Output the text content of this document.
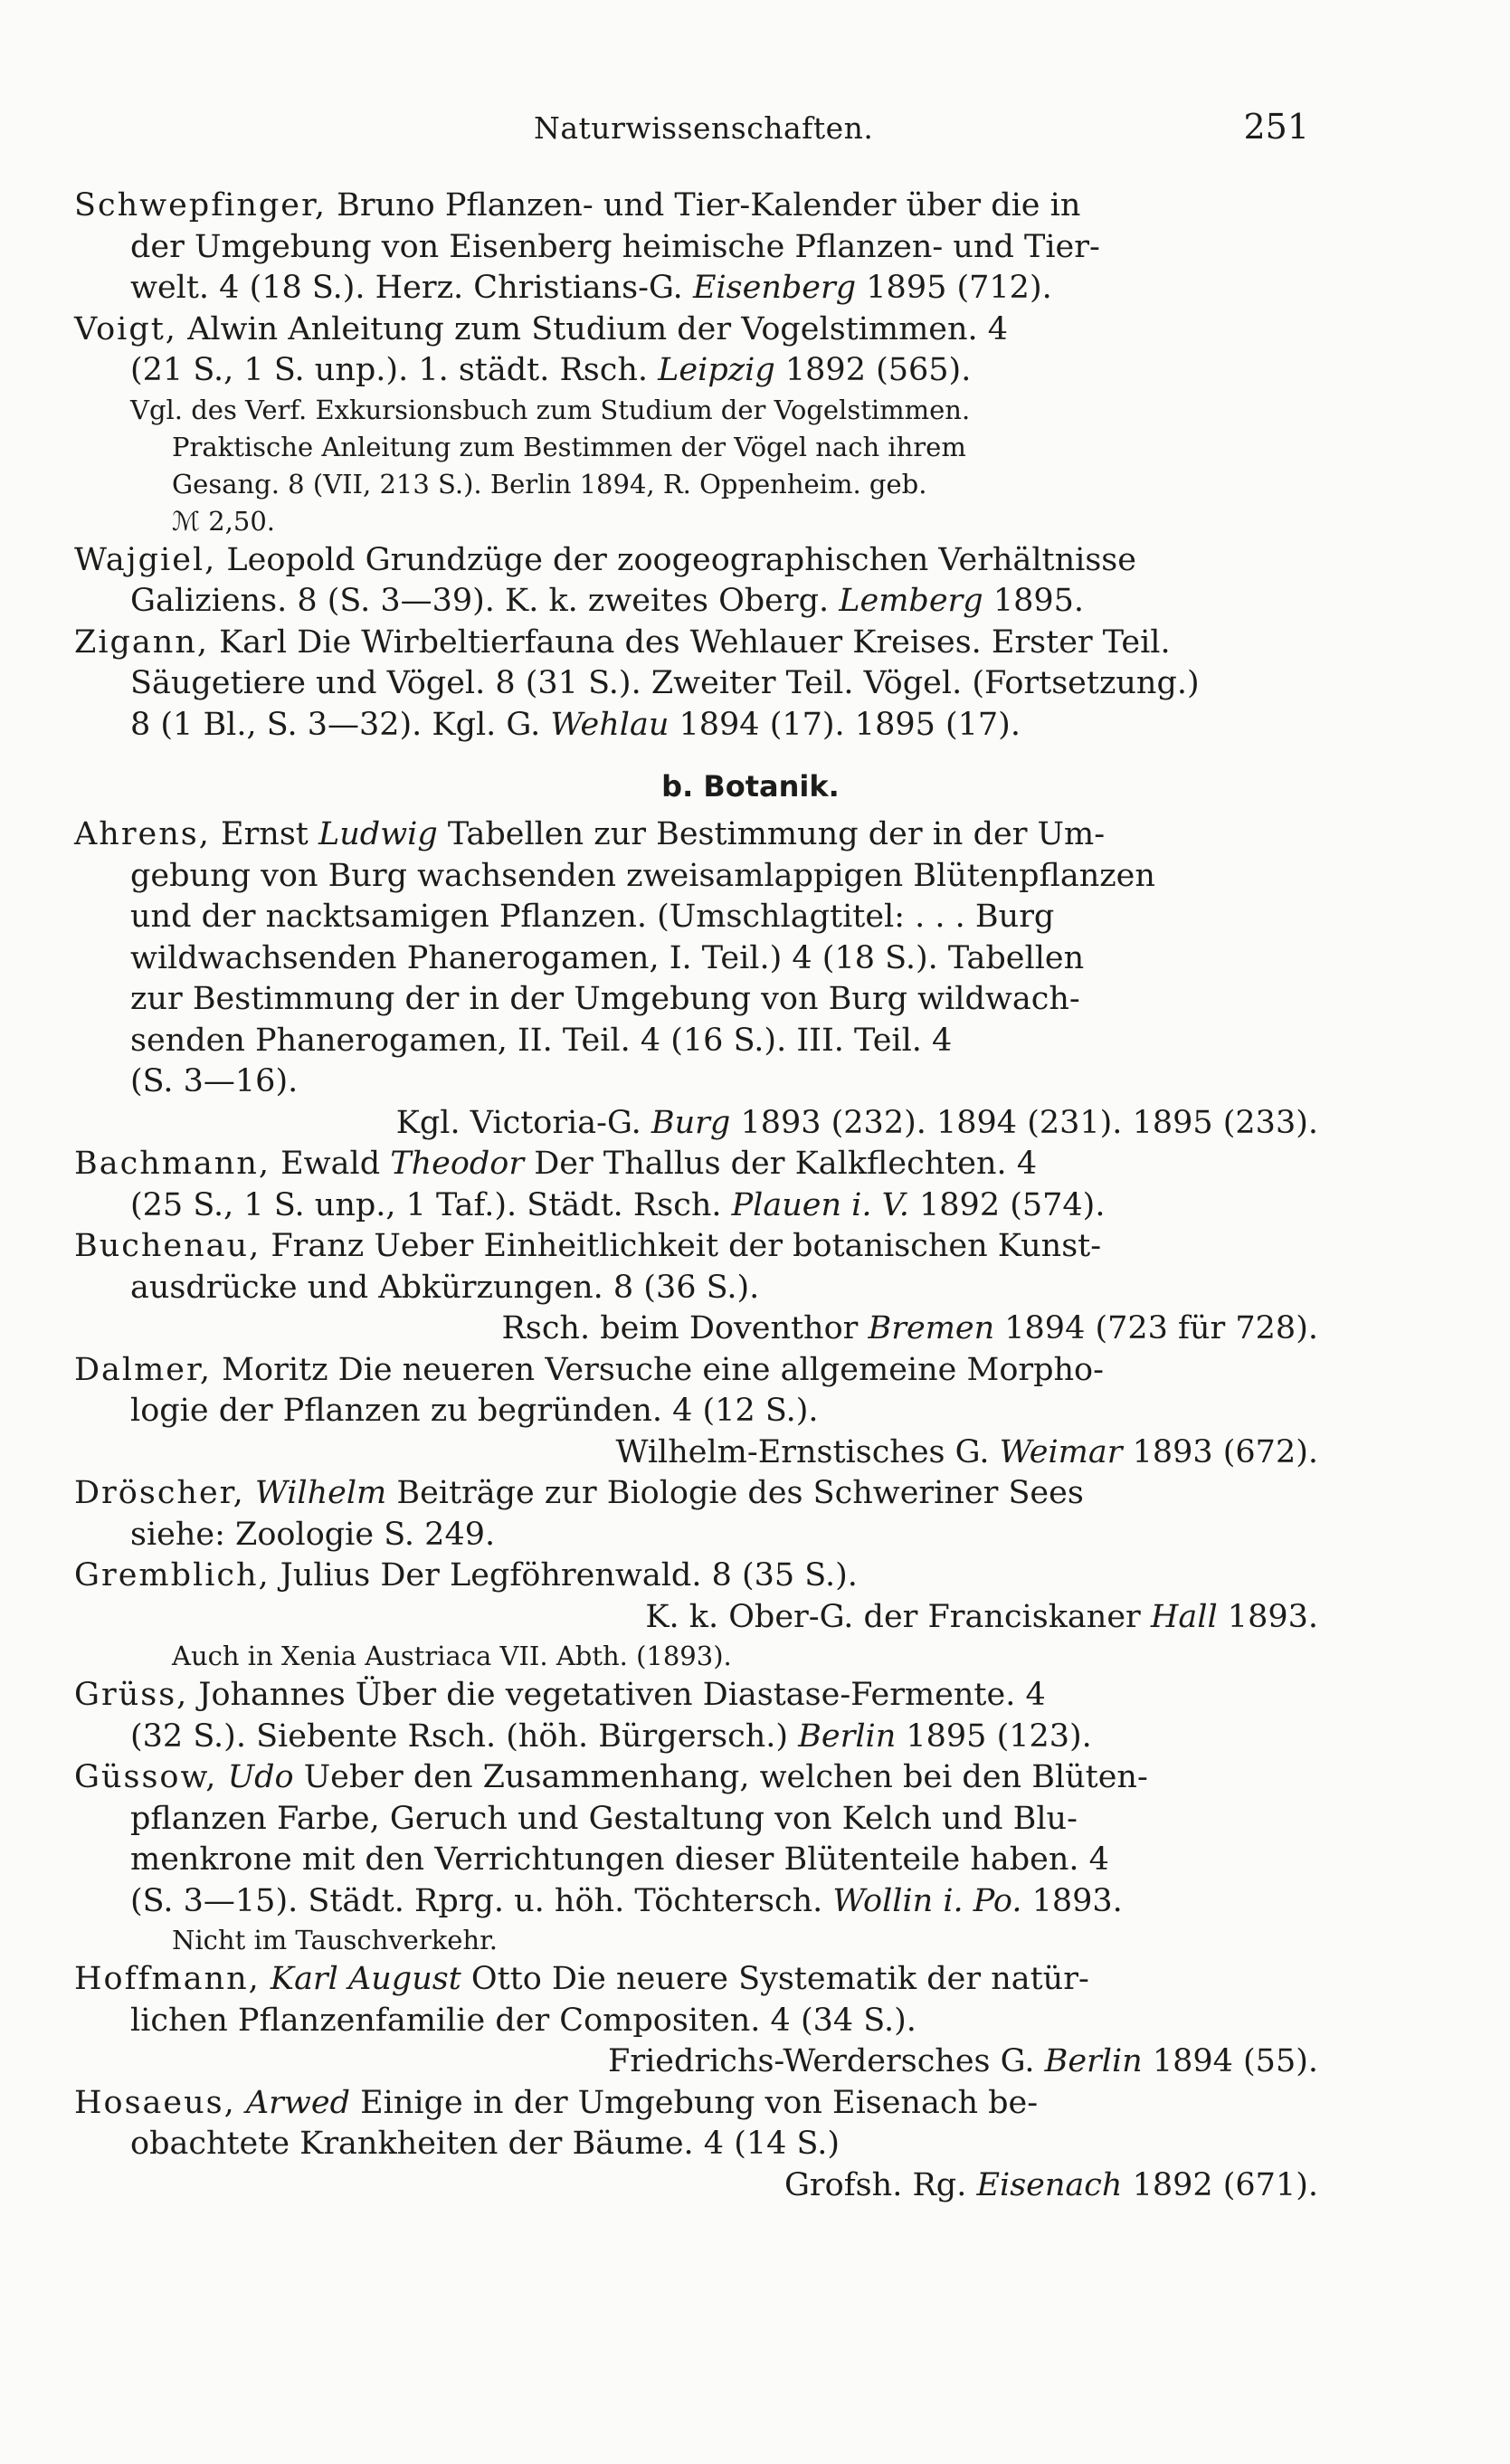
Naturwissenschaften.	251

Schwepfinger, Bruno Pflanzen- und Tier-Kalender über die in

der Umgebung von Eisenberg heimische Pflanzen- und Tier-

welt. 4 (18 S.). Herz. Christians-G. Eisenberg 1895 (712).

Voigt, Alwin Anleitung zum Studium der Vogelstimmen. 4

(21 S., 1 S. unp.). 1. städt. Rsch. Leipzig 1892 (565).

Vgl. des Verf. Exkursionsbuch zum Studium der Vogelstimmen.

Praktische Anleitung zum Bestimmen der Vögel nach ihrem

Gesang. 8 (VII, 213 S.). Berlin 1894, R. Oppenheim. geb.

ℳ 2,50.

Wajgiel, Leopold Grundzüge der zoogeographischen Verhältnisse

Galiziens. 8 (S. 3—39). K. k. zweites Oberg. Lemberg 1895.

Zigann, Karl Die Wirbeltierfauna des Wehlauer Kreises. Erster Teil.

Säugetiere und Vögel. 8 (31 S.). Zweiter Teil. Vögel. (Fortsetzung.)

8 (1 Bl., S. 3—32). Kgl. G. Wehlau 1894 (17). 1895 (17).

b. Botanik.

Ahrens, Ernst Ludwig Tabellen zur Bestimmung der in der Um-

gebung von Burg wachsenden zweisamlappigen Blütenpflanzen

und der nacktsamigen Pflanzen. (Umschlagtitel: . . . Burg

wildwachsenden Phanerogamen, I. Teil.) 4 (18 S.). Tabellen

zur Bestimmung der in der Umgebung von Burg wildwach-

senden Phanerogamen, II. Teil. 4 (16 S.). III. Teil. 4

(S. 3—16).

Kgl. Victoria-G. Burg 1893 (232). 1894 (231). 1895 (233).

Bachmann, Ewald Theodor Der Thallus der Kalkflechten. 4

(25 S., 1 S. unp., 1 Taf.). Städt. Rsch. Plauen i. V. 1892 (574).

Buchenau, Franz Ueber Einheitlichkeit der botanischen Kunst-

ausdrücke und Abkürzungen. 8 (36 S.).

Rsch. beim Doventhor Bremen 1894 (723 für 728).

Dalmer, Moritz Die neueren Versuche eine allgemeine Morpho-

logie der Pflanzen zu begründen. 4 (12 S.).

Wilhelm-Ernstisches G. Weimar 1893 (672).

Dröscher, Wilhelm Beiträge zur Biologie des Schweriner Sees

siehe: Zoologie S. 249.

Gremblich, Julius Der Legföhrenwald. 8 (35 S.).

K. k. Ober-G. der Franciskaner Hall 1893.

Auch in Xenia Austriaca VII. Abth. (1893).

Grüss, Johannes Über die vegetativen Diastase-Fermente. 4

(32 S.). Siebente Rsch. (höh. Bürgersch.) Berlin 1895 (123).

Güssow, Udo Ueber den Zusammenhang, welchen bei den Blüten-

pflanzen Farbe, Geruch und Gestaltung von Kelch und Blu-

menkrone mit den Verrichtungen dieser Blütenteile haben. 4

(S. 3—15). Städt. Rprg. u. höh. Töchtersch. Wollin i. Po. 1893.

Nicht im Tauschverkehr.

Hoffmann, Karl August Otto Die neuere Systematik der natür-

lichen Pflanzenfamilie der Compositen. 4 (34 S.).

Friedrichs-Werdersches G. Berlin 1894 (55).

Hosaeus, Arwed Einige in der Umgebung von Eisenach be-

obachtete Krankheiten der Bäume. 4 (14 S.)

Grofsh. Rg. Eisenach 1892 (671).
